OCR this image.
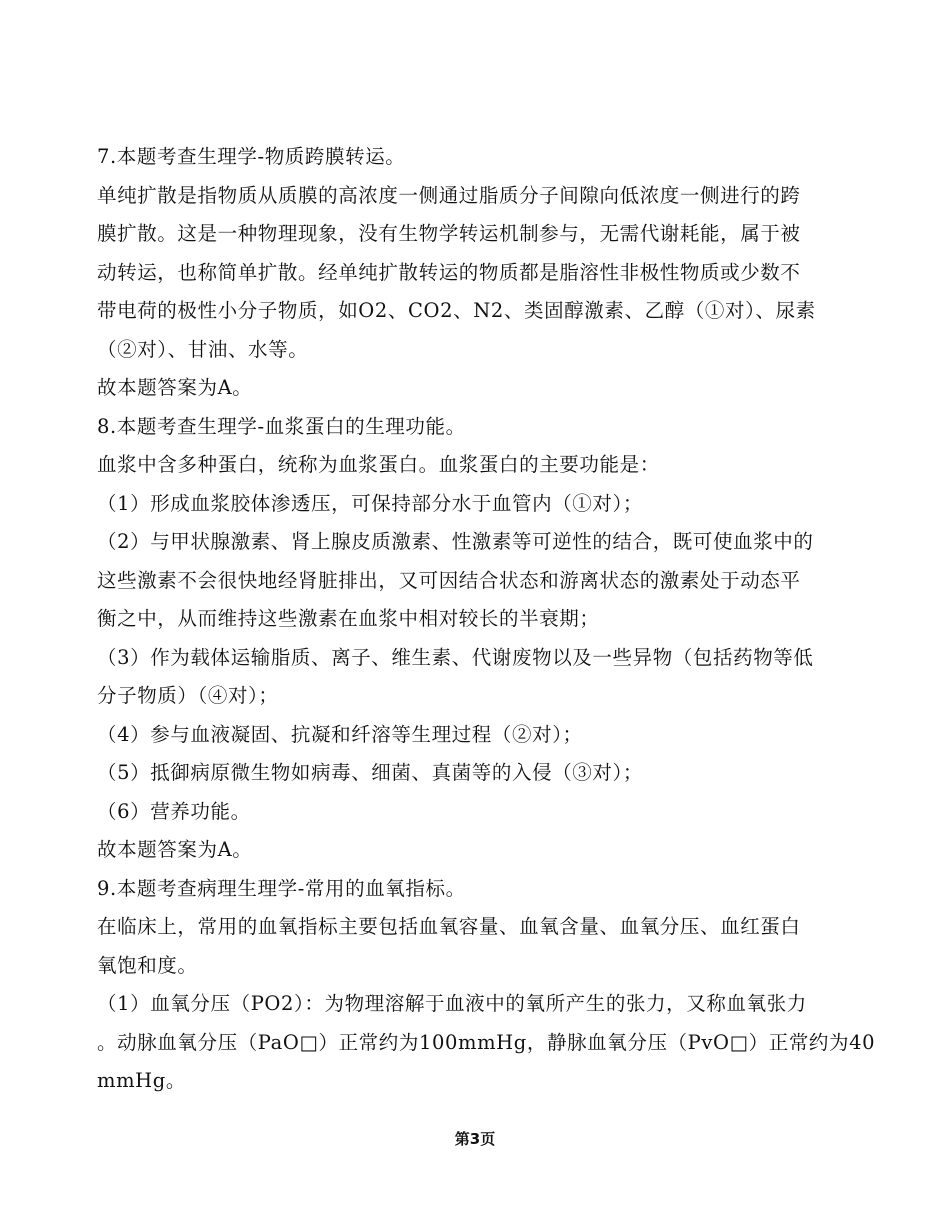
7.本题考查生理学-物质跨膜转运。

单纯扩散是指物质从质膜的高浓度一侧通过脂质分子间隙向低浓度一侧进行的跨

膜扩散。这是一种物理现象，没有生物学转运机制参与，无需代谢耗能，属于被

动转运，也称简单扩散。经单纯扩散转运的物质都是脂溶性非极性物质或少数不

带电荷的极性小分子物质，如O2、CO2、N2、类固醇激素、乙醇（①对）、尿素

（②对）、甘油、水等。

故本题答案为A。

8.本题考查生理学-血浆蛋白的生理功能。

血浆中含多种蛋白，统称为血浆蛋白。血浆蛋白的主要功能是：

（1）形成血浆胶体渗透压，可保持部分水于血管内（①对）；

（2）与甲状腺激素、肾上腺皮质激素、性激素等可逆性的结合，既可使血浆中的

这些激素不会很快地经肾脏排出，又可因结合状态和游离状态的激素处于动态平

衡之中，从而维持这些激素在血浆中相对较长的半衰期；

（3）作为载体运输脂质、离子、维生素、代谢废物以及一些异物（包括药物等低

分子物质）（④对）；

（4）参与血液凝固、抗凝和纤溶等生理过程（②对）；

（5）抵御病原微生物如病毒、细菌、真菌等的入侵（③对）；

（6）营养功能。

故本题答案为A。

9.本题考查病理生理学-常用的血氧指标。

在临床上，常用的血氧指标主要包括血氧容量、血氧含量、血氧分压、血红蛋白

氧饱和度。

（1）血氧分压（PO2）：为物理溶解于血液中的氧所产生的张力，又称血氧张力

。动脉血氧分压（PaO□）正常约为100mmHg，静脉血氧分压（PvO□）正常约为40

mmHg。

第3页
